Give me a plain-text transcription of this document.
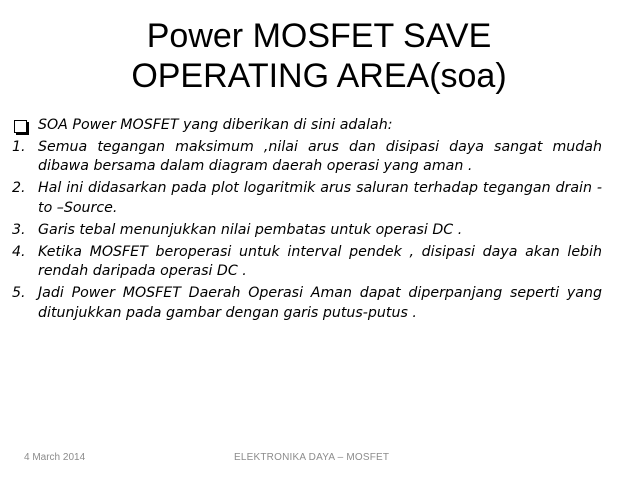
Power MOSFET SAVE
OPERATING AREA(soa)
SOA Power MOSFET yang diberikan di sini adalah:
1. Semua tegangan maksimum ,nilai arus dan disipasi daya sangat mudah dibawa bersama dalam diagram daerah operasi yang aman .
2. Hal ini didasarkan pada plot logaritmik arus saluran terhadap tegangan drain -to –Source.
3. Garis tebal menunjukkan nilai pembatas untuk operasi DC .
4. Ketika MOSFET beroperasi untuk interval pendek , disipasi daya akan lebih rendah daripada operasi DC .
5. Jadi Power MOSFET Daerah Operasi Aman dapat diperpanjang seperti yang ditunjukkan pada gambar dengan garis putus-putus .
4 March 2014	ELEKTRONIKA DAYA – MOSFET
